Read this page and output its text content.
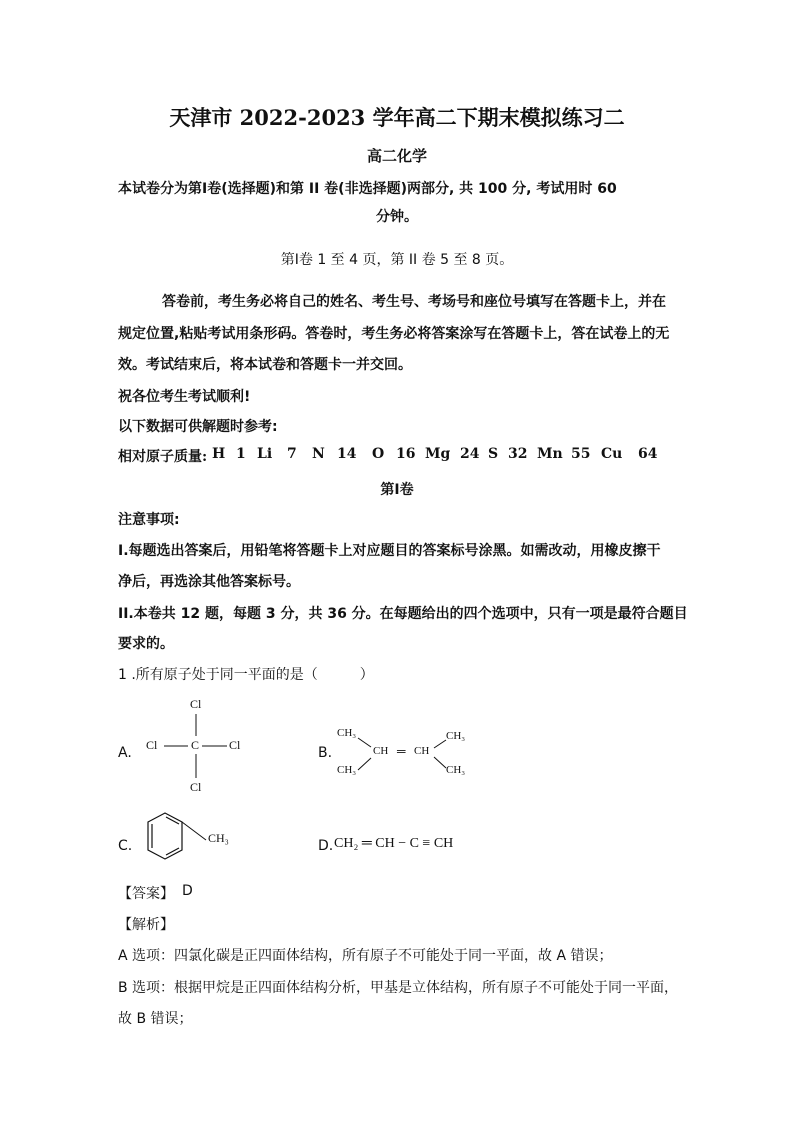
天津市 2022-2023 学年高二下期末模拟练习二
高二化学
本试卷分为第Ⅰ卷(选择题)和第 II 卷(非选择题)两部分, 共 100 分, 考试用时 60
分钟。
第Ⅰ卷 1 至 4 页，第 II 卷 5 至 8 页。
答卷前，考生务必将自己的姓名、考生号、考场号和座位号填写在答题卡上，并在
规定位置,粘贴考试用条形码。答卷时，考生务必将答案涂写在答题卡上，答在试卷上的无
效。考试结束后，将本试卷和答题卡一并交回。
祝各位考生考试顺利!
以下数据可供解题时参考:
相对原子质量: H 1 Li 7 N 14 O 16 Mg 24 S 32 Mn 55 Cu 64
第Ⅰ卷
注意事项:
I.每题选出答案后，用铅笔将答题卡上对应题目的答案标号涂黑。如需改动，用橡皮擦干
净后，再选涂其他答案标号。
II.本卷共 12 题，每题 3 分，共 36 分。在每题给出的四个选项中，只有一项是最符合题目
要求的。
1 .所有原子处于同一平面的是（　　　）
A.
Cl
Cl	C Cl
Cl
B.
CH₃
CH₃
CH ═ CH
CH₃
CH₃
C.	CH₃	D. CH₂ ═ CH − C ≡ CH
【答案】 D
【解析】
A 选项：四氯化碳是正四面体结构，所有原子不可能处于同一平面，故 A 错误；
B 选项：根据甲烷是正四面体结构分析，甲基是立体结构，所有原子不可能处于同一平面，
故 B 错误；
